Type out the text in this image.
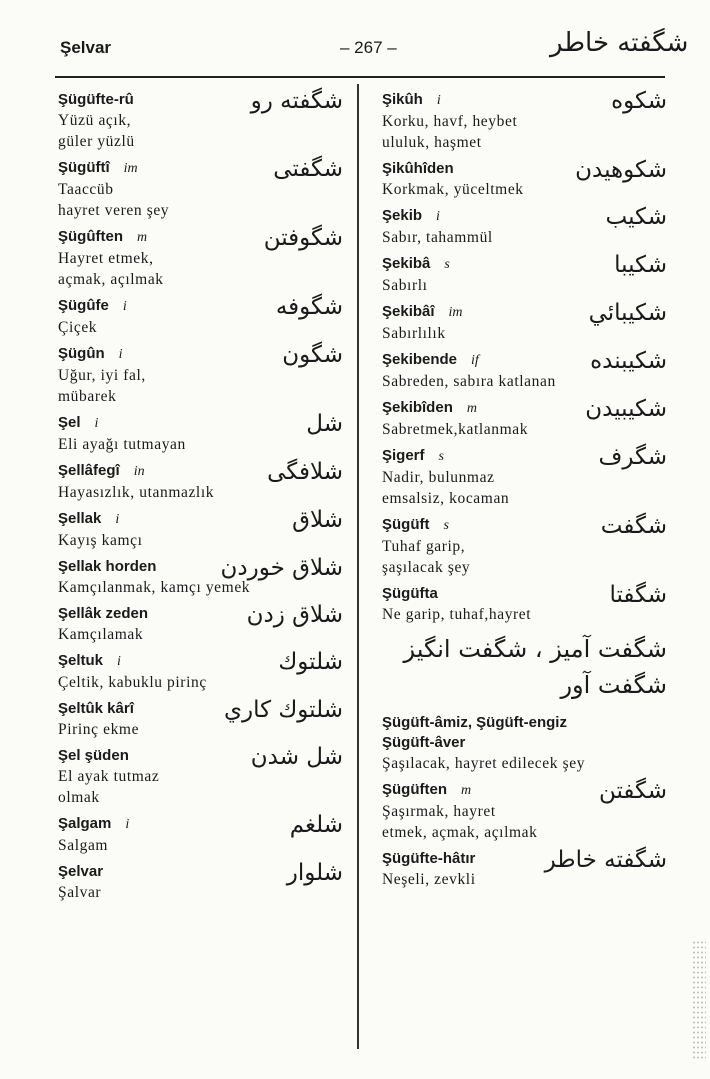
Şelvar	– 267 –	شگفته خاطر
Şügüfte-rû	شگفته رو
Yüzü açık,
güler yüzlü
Şügüftî im	شگفتی
Taaccüb
hayret veren şey
Şügûften m	شگوفتن
Hayret etmek,
açmak, açılmak
Şügûfe i	شگوفه
Çiçek
Şügûn i	شگون
Uğur, iyi fal,
mübarek
Şel i	شل
Eli ayağı tutmayan
Şellâfegî in	شلافگی
Hayasızlık, utanmazlık
Şellak i	شلاق
Kayış kamçı
Şellak horden	شلاق خوردن
Kamçılanmak, kamçı yemek
Şellâk zeden	شلاق زدن
Kamçılamak
Şeltuk i	شلتوك
Çeltik, kabuklu pirinç
Şeltûk kârî	شلتوك كاري
Pirinç ekme
Şel şüden	شل شدن
El ayak tutmaz
olmak
Şalgam i	شلغم
Salgam
Şelvar	شلوار
Şalvar
Şikûh i	شكوه
Korku, havf, heybet
ululuk, haşmet
Şikûhîden	شكوهيدن
Korkmak, yüceltmek
Şekib i	شكيب
Sabır, tahammül
Şekibâ s	شكيبا
Sabırlı
Şekibâî im	شكيبائي
Sabırlılık
Şekibende if	شكيبنده
Sabreden, sabıra katlanan
Şekibîden m	شكيبيدن
Sabretmek,katlanmak
Şigerf s	شگرف
Nadir, bulunmaz
emsalsiz, kocaman
Şügüft s	شگفت
Tuhaf garip,
şaşılacak şey
Şügüfta	شگفتا
Ne garip, tuhaf,hayret
شگفت آميز ، شگفت انگيز
شگفت آور
Şügüft-âmiz, Şügüft-engiz
Şügüft-âver
Şaşılacak, hayret edilecek şey
Şügüften m	شگفتن
Şaşırmak, hayret
etmek, açmak, açılmak
Şügüfte-hâtır	شگفته خاطر
Neşeli, zevkli
